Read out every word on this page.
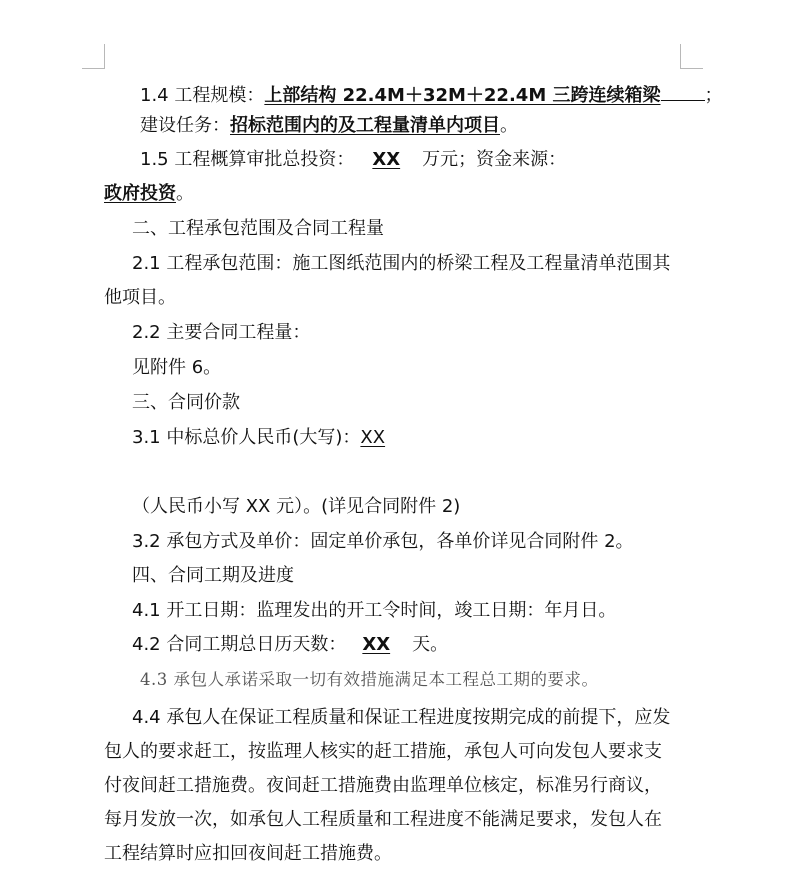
1.4 工程规模：上部结构 22.4M＋32M＋22.4M 三跨连续箱梁 ；
建设任务：招标范围内的及工程量清单内项目。
1.5 工程概算审批总投资： XX 万元；资金来源：
政府投资。
二、工程承包范围及合同工程量
2.1 工程承包范围：施工图纸范围内的桥梁工程及工程量清单范围其
他项目。
2.2 主要合同工程量：
见附件 6。
三、合同价款
3.1 中标总价人民币(大写)：XX
（人民币小写 XX 元）。(详见合同附件 2)
3.2 承包方式及单价：固定单价承包，各单价详见合同附件 2。
四、合同工期及进度
4.1 开工日期：监理发出的开工令时间，竣工日期：年月日。
4.2 合同工期总日历天数： XX 天。
4.3 承包人承诺采取一切有效措施满足本工程总工期的要求。
4.4 承包人在保证工程质量和保证工程进度按期完成的前提下，应发
包人的要求赶工，按监理人核实的赶工措施，承包人可向发包人要求支
付夜间赶工措施费。夜间赶工措施费由监理单位核定，标准另行商议，
每月发放一次，如承包人工程质量和工程进度不能满足要求，发包人在
工程结算时应扣回夜间赶工措施费。
